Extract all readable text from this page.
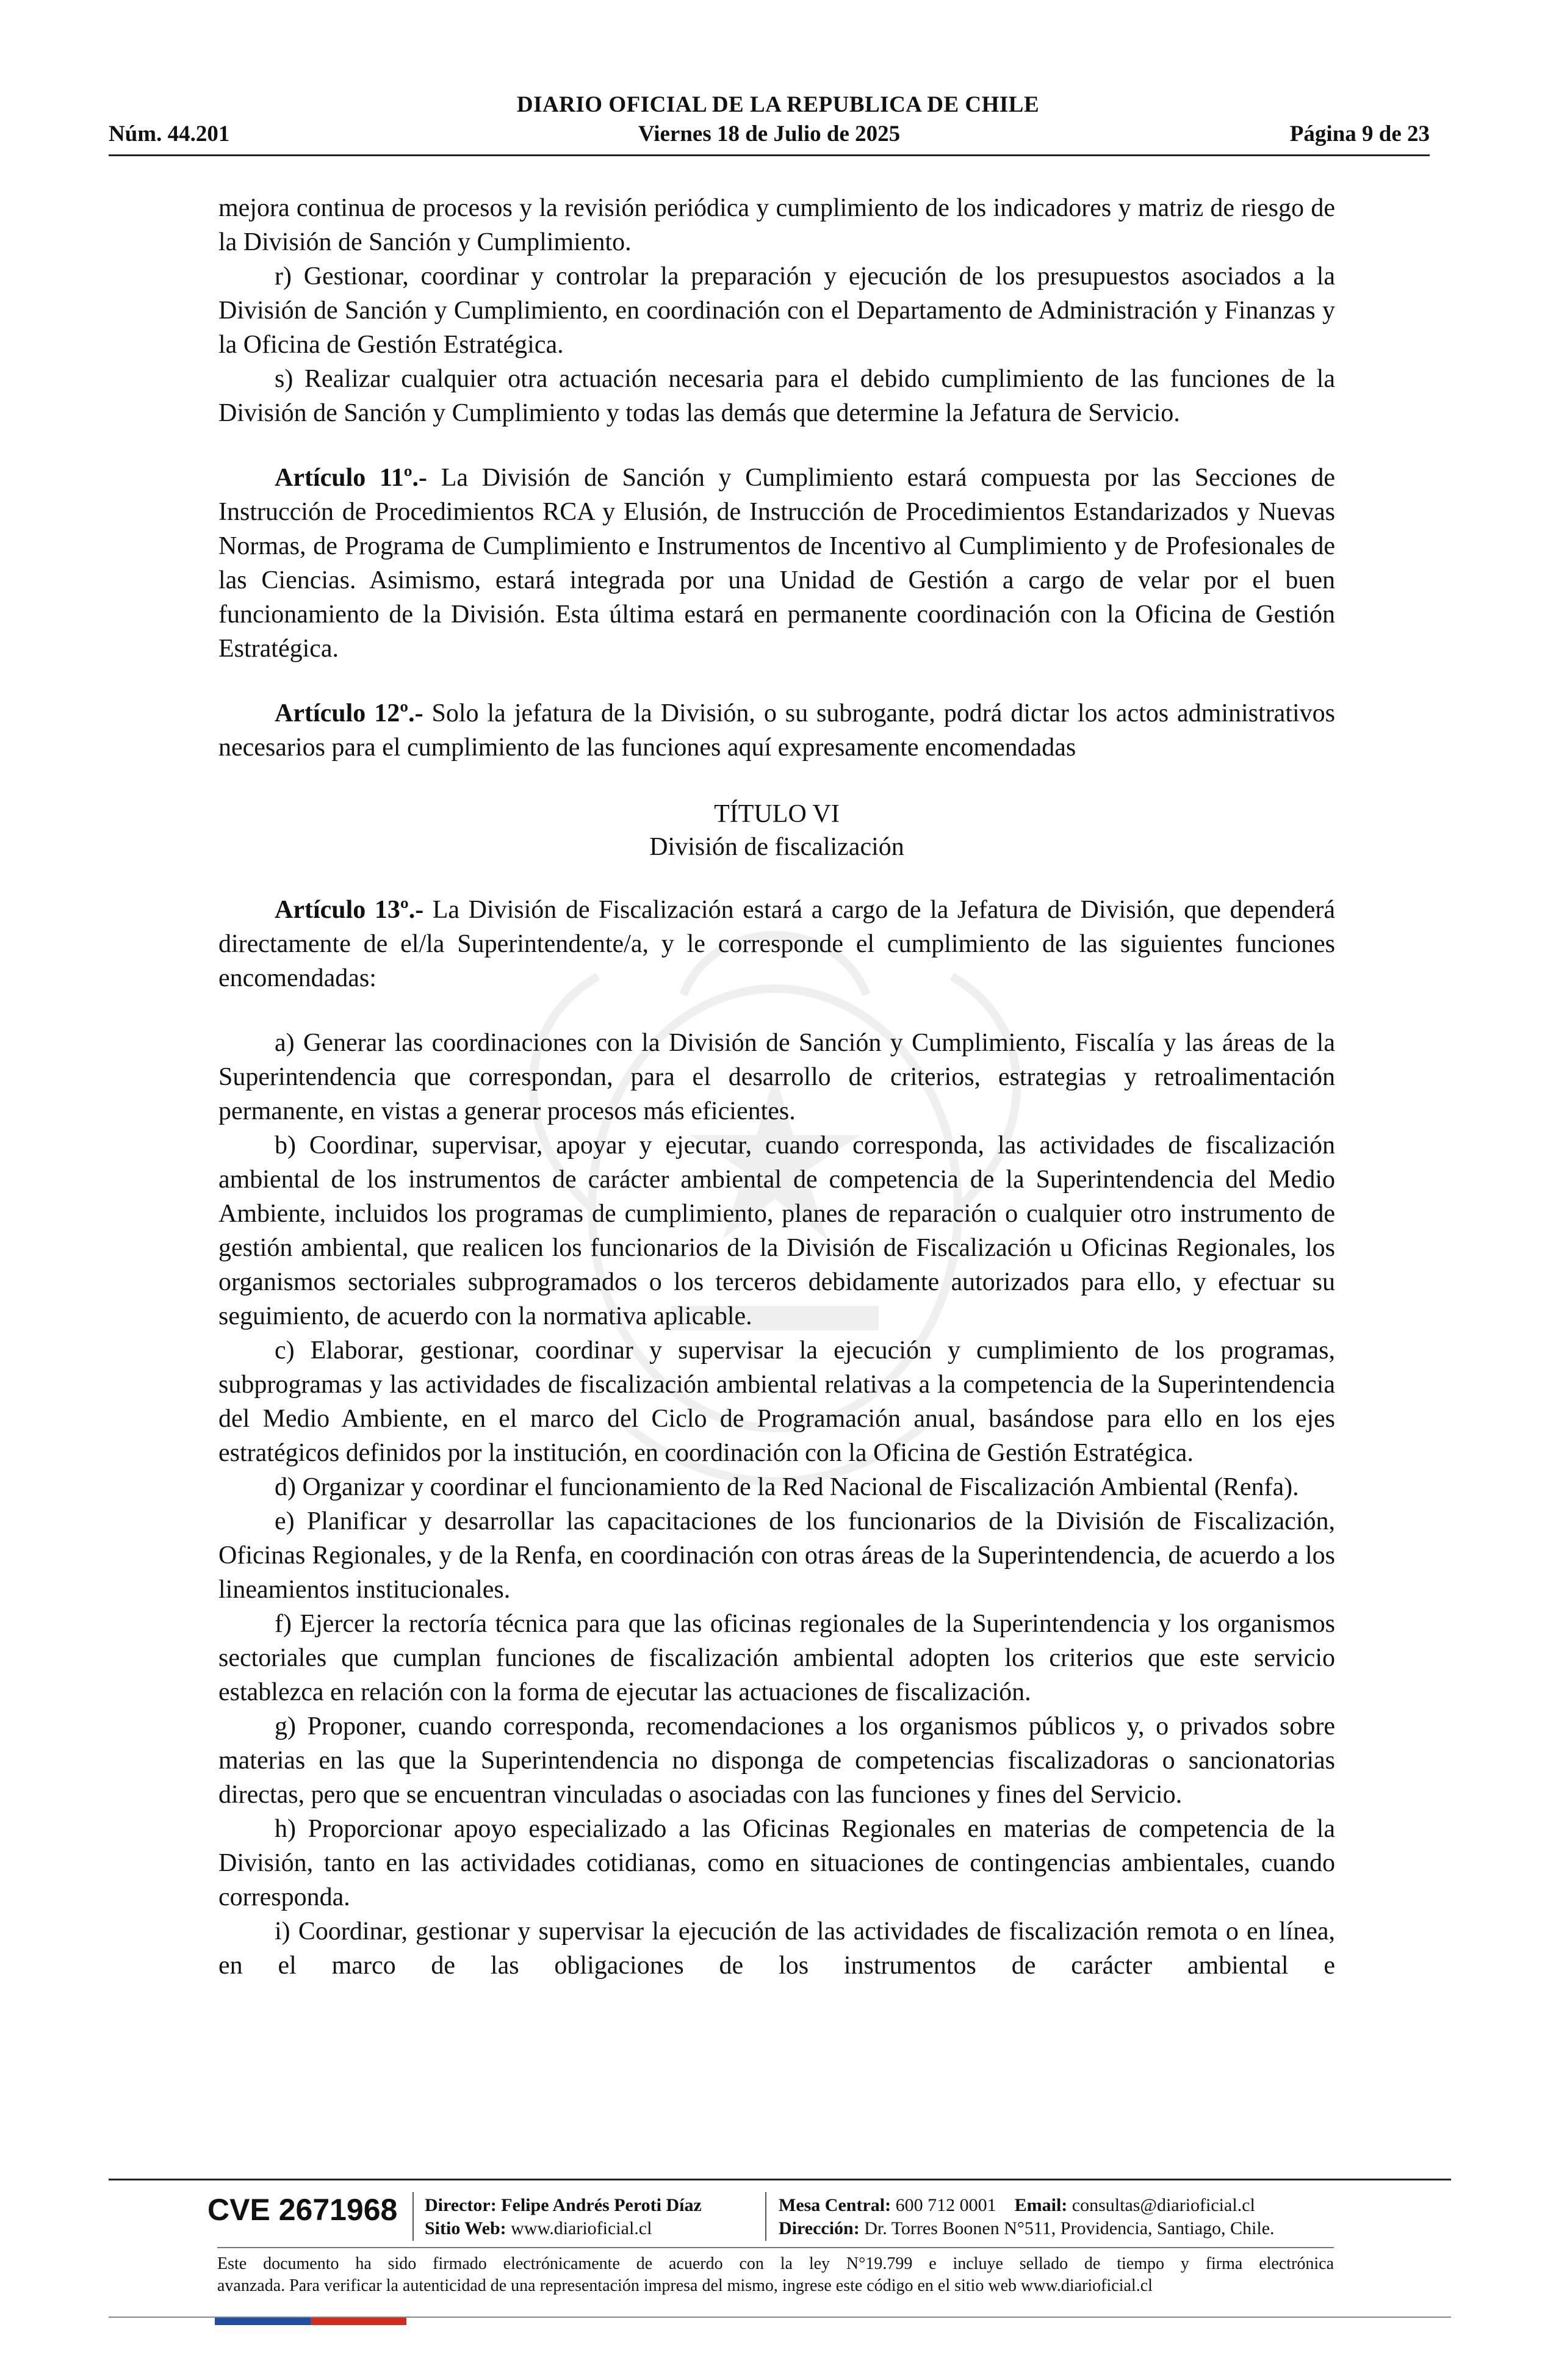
DIARIO OFICIAL DE LA REPUBLICA DE CHILE
Núm. 44.201	Viernes 18 de Julio de 2025	Página 9 de 23

mejora continua de procesos y la revisión periódica y cumplimiento de los indicadores y matriz de riesgo de la División de Sanción y Cumplimiento.

r) Gestionar, coordinar y controlar la preparación y ejecución de los presupuestos asociados a la División de Sanción y Cumplimiento, en coordinación con el Departamento de Administración y Finanzas y la Oficina de Gestión Estratégica.

s) Realizar cualquier otra actuación necesaria para el debido cumplimiento de las funciones de la División de Sanción y Cumplimiento y todas las demás que determine la Jefatura de Servicio.

Artículo 11º.- La División de Sanción y Cumplimiento estará compuesta por las Secciones de Instrucción de Procedimientos RCA y Elusión, de Instrucción de Procedimientos Estandarizados y Nuevas Normas, de Programa de Cumplimiento e Instrumentos de Incentivo al Cumplimiento y de Profesionales de las Ciencias. Asimismo, estará integrada por una Unidad de Gestión a cargo de velar por el buen funcionamiento de la División. Esta última estará en permanente coordinación con la Oficina de Gestión Estratégica.

Artículo 12º.- Solo la jefatura de la División, o su subrogante, podrá dictar los actos administrativos necesarios para el cumplimiento de las funciones aquí expresamente encomendadas

TÍTULO VI
División de fiscalización

Artículo 13º.- La División de Fiscalización estará a cargo de la Jefatura de División, que dependerá directamente de el/la Superintendente/a, y le corresponde el cumplimiento de las siguientes funciones encomendadas:

a) Generar las coordinaciones con la División de Sanción y Cumplimiento, Fiscalía y las áreas de la Superintendencia que correspondan, para el desarrollo de criterios, estrategias y retroalimentación permanente, en vistas a generar procesos más eficientes.

b) Coordinar, supervisar, apoyar y ejecutar, cuando corresponda, las actividades de fiscalización ambiental de los instrumentos de carácter ambiental de competencia de la Superintendencia del Medio Ambiente, incluidos los programas de cumplimiento, planes de reparación o cualquier otro instrumento de gestión ambiental, que realicen los funcionarios de la División de Fiscalización u Oficinas Regionales, los organismos sectoriales subprogramados o los terceros debidamente autorizados para ello, y efectuar su seguimiento, de acuerdo con la normativa aplicable.

c) Elaborar, gestionar, coordinar y supervisar la ejecución y cumplimiento de los programas, subprogramas y las actividades de fiscalización ambiental relativas a la competencia de la Superintendencia del Medio Ambiente, en el marco del Ciclo de Programación anual, basándose para ello en los ejes estratégicos definidos por la institución, en coordinación con la Oficina de Gestión Estratégica.

d) Organizar y coordinar el funcionamiento de la Red Nacional de Fiscalización Ambiental (Renfa).

e) Planificar y desarrollar las capacitaciones de los funcionarios de la División de Fiscalización, Oficinas Regionales, y de la Renfa, en coordinación con otras áreas de la Superintendencia, de acuerdo a los lineamientos institucionales.

f) Ejercer la rectoría técnica para que las oficinas regionales de la Superintendencia y los organismos sectoriales que cumplan funciones de fiscalización ambiental adopten los criterios que este servicio establezca en relación con la forma de ejecutar las actuaciones de fiscalización.

g) Proponer, cuando corresponda, recomendaciones a los organismos públicos y, o privados sobre materias en las que la Superintendencia no disponga de competencias fiscalizadoras o sancionatorias directas, pero que se encuentran vinculadas o asociadas con las funciones y fines del Servicio.

h) Proporcionar apoyo especializado a las Oficinas Regionales en materias de competencia de la División, tanto en las actividades cotidianas, como en situaciones de contingencias ambientales, cuando corresponda.

i) Coordinar, gestionar y supervisar la ejecución de las actividades de fiscalización remota o en línea, en el marco de las obligaciones de los instrumentos de carácter ambiental e

CVE 2671968 Director: Felipe Andrés Peroti Díaz
Sitio Web: www.diarioficial.cl
Mesa Central: 600 712 0001 Email: consultas@diarioficial.cl
Dirección: Dr. Torres Boonen N°511, Providencia, Santiago, Chile.

Este documento ha sido firmado electrónicamente de acuerdo con la ley N°19.799 e incluye sellado de tiempo y firma electrónica

avanzada. Para verificar la autenticidad de una representación impresa del mismo, ingrese este código en el sitio web www.diarioficial.cl
